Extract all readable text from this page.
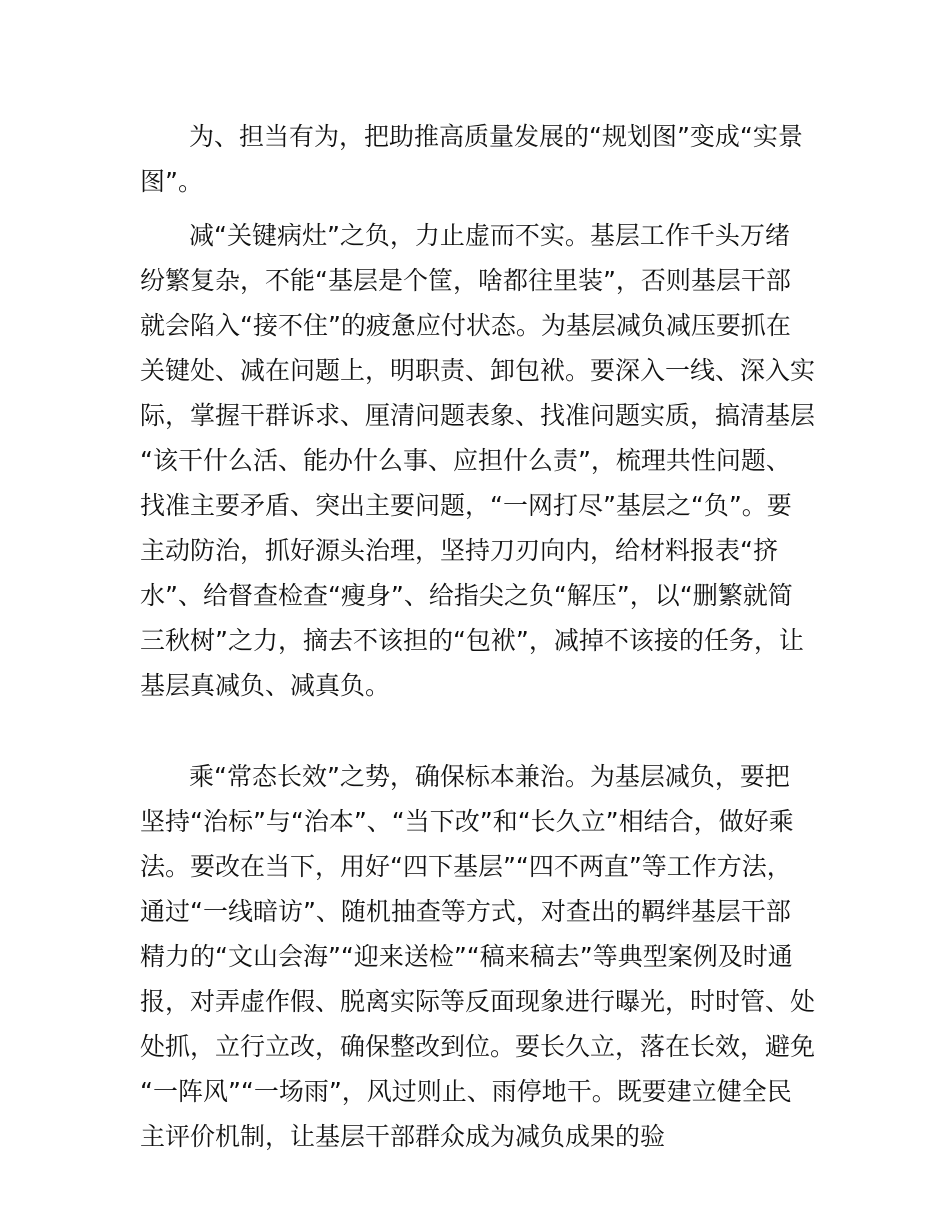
为、担当有为，把助推高质量发展的“规划图”变成“实景
图”。
减“关键病灶”之负，力止虚而不实。基层工作千头万绪
纷繁复杂，不能“基层是个筐，啥都往里装”，否则基层干部
就会陷入“接不住”的疲惫应付状态。为基层减负减压要抓在
关键处、减在问题上，明职责、卸包袱。要深入一线、深入实
际，掌握干群诉求、厘清问题表象、找准问题实质，搞清基层
“该干什么活、能办什么事、应担什么责”，梳理共性问题、
找准主要矛盾、突出主要问题，“一网打尽”基层之“负”。要
主动防治，抓好源头治理，坚持刀刃向内，给材料报表“挤
水”、给督查检查“瘦身”、给指尖之负“解压”，以“删繁就简
三秋树”之力，摘去不该担的“包袱”，减掉不该接的任务，让
基层真减负、减真负。
乘“常态长效”之势，确保标本兼治。为基层减负，要把
坚持“治标”与“治本”、“当下改”和“长久立”相结合，做好乘
法。要改在当下，用好“四下基层”“四不两直”等工作方法，
通过“一线暗访”、随机抽查等方式，对查出的羁绊基层干部
精力的“文山会海”“迎来送检”“稿来稿去”等典型案例及时通
报，对弄虚作假、脱离实际等反面现象进行曝光，时时管、处
处抓，立行立改，确保整改到位。要长久立，落在长效，避免
“一阵风”“一场雨”，风过则止、雨停地干。既要建立健全民
主评价机制，让基层干部群众成为减负成果的验
